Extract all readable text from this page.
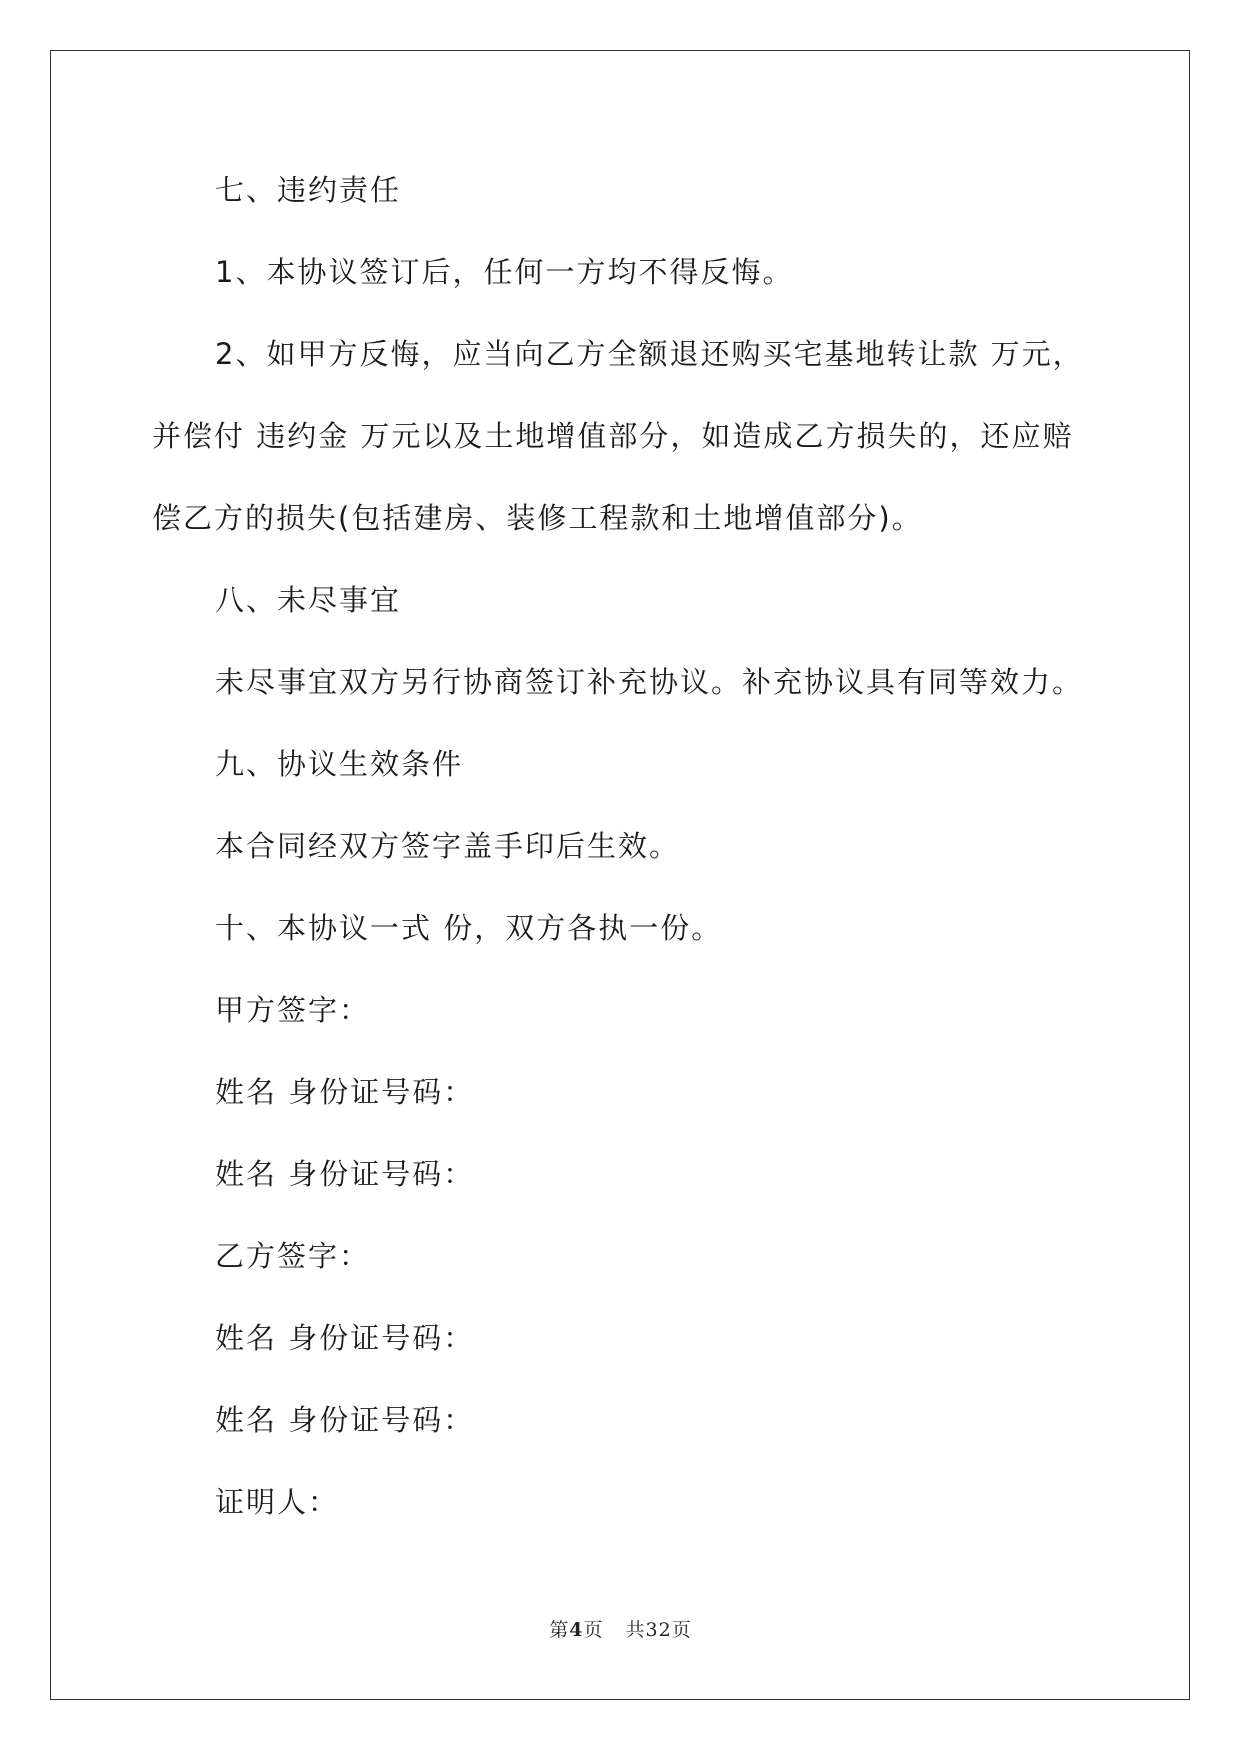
七、违约责任

1、本协议签订后，任何一方均不得反悔。

2、如甲方反悔，应当向乙方全额退还购买宅基地转让款 万元，

并偿付 违约金 万元以及土地增值部分，如造成乙方损失的，还应赔

偿乙方的损失(包括建房、装修工程款和土地增值部分)。

八、未尽事宜

未尽事宜双方另行协商签订补充协议。补充协议具有同等效力。

九、协议生效条件

本合同经双方签字盖手印后生效。

十、本协议一式 份，双方各执一份。

甲方签字：

姓名 身份证号码：

姓名 身份证号码：

乙方签字：

姓名 身份证号码：

姓名 身份证号码：

证明人：

第4页 共32页
